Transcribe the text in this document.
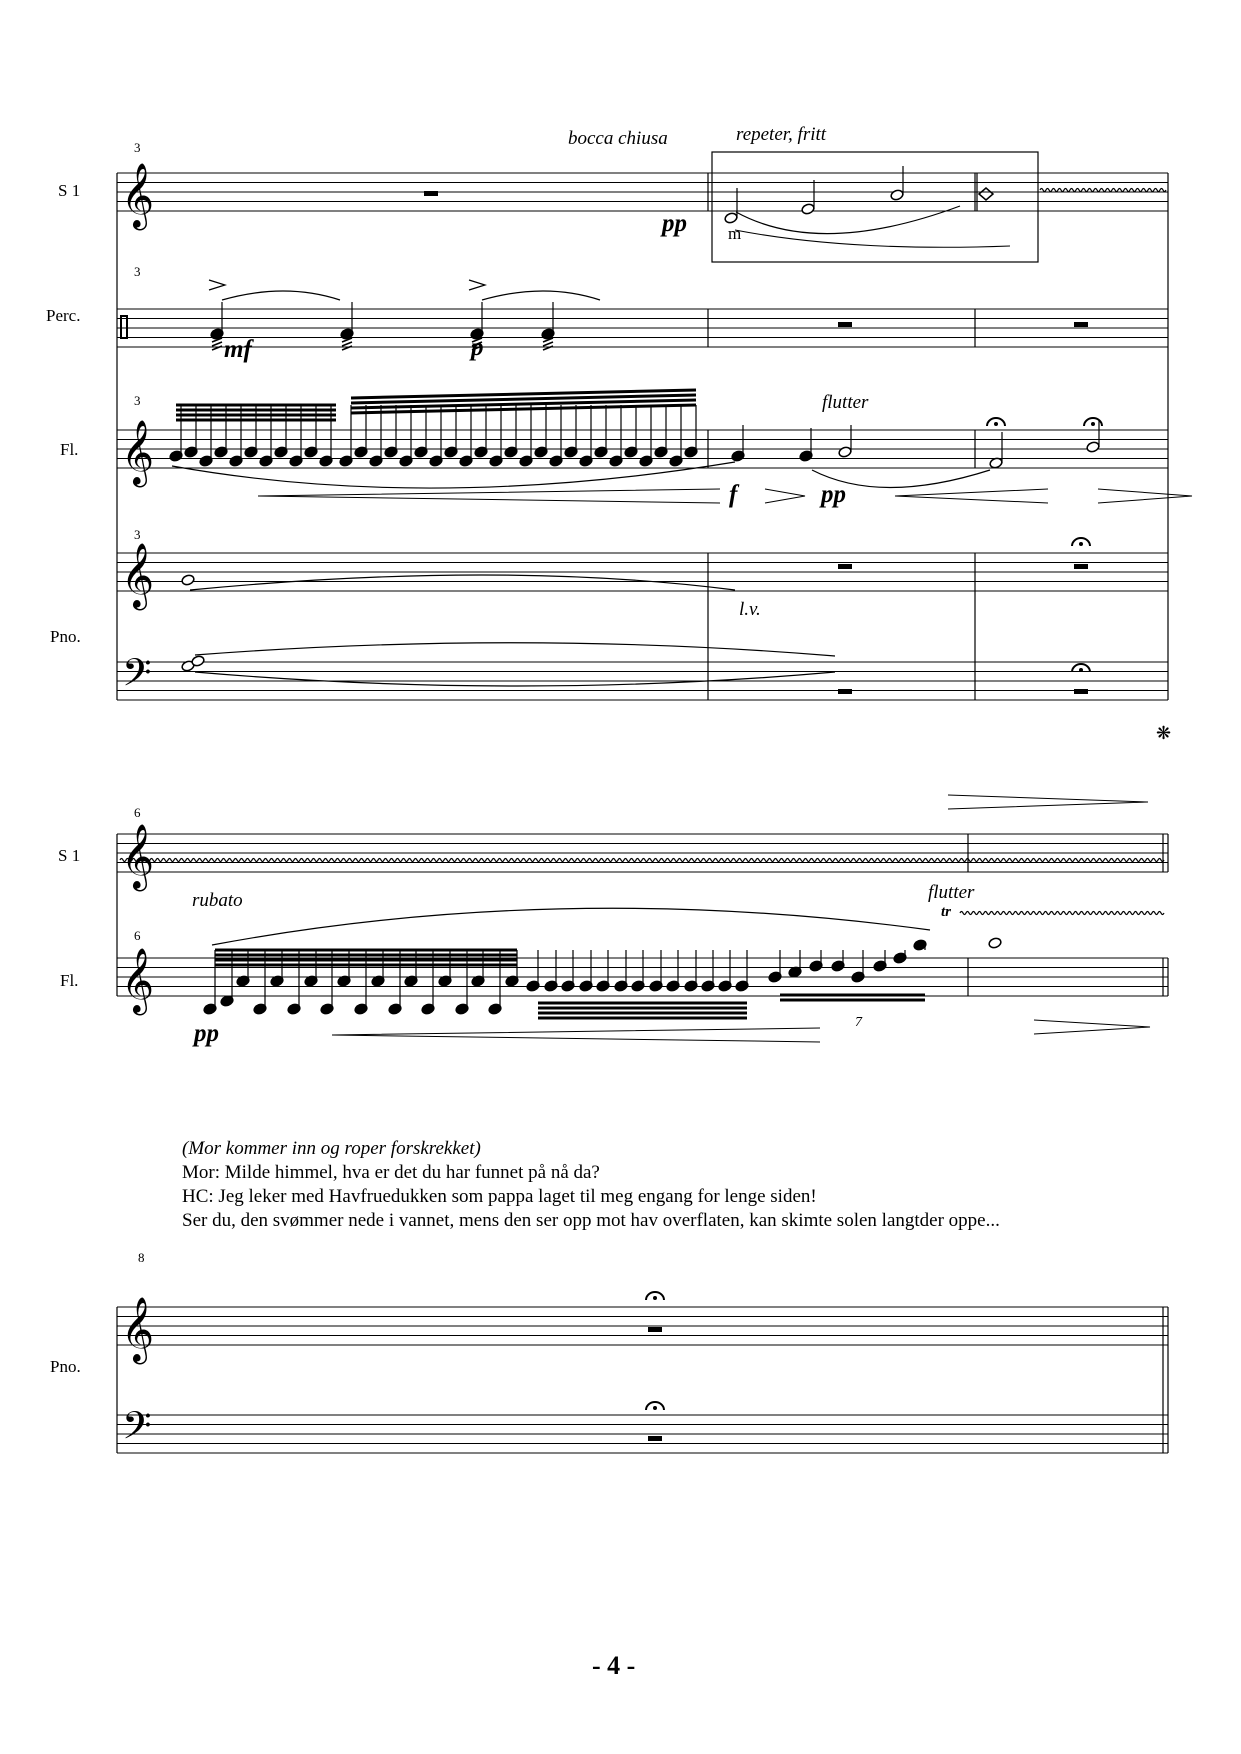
𝄞
𝄞
𝄞
𝄢
𝄞
𝄞
𝄞
𝄢
S 1
Perc.
Fl.
Pno.
S 1
Fl.
Pno.
3
3
3
3
6
6
8
bocca chiusa	repeter, fritt
m
flutter
l.v.
rubato	flutter
tr
7
❋
pp
mf	p
f	pp
pp
(Mor kommer inn og roper forskrekket)
Mor: Milde himmel, hva er det du har funnet på nå da?
HC: Jeg leker med Havfruedukken som pappa laget til meg engang for lenge siden!
Ser du, den svømmer nede i vannet, mens den ser opp mot hav overflaten, kan skimte solen langtder oppe...
- 4 -
